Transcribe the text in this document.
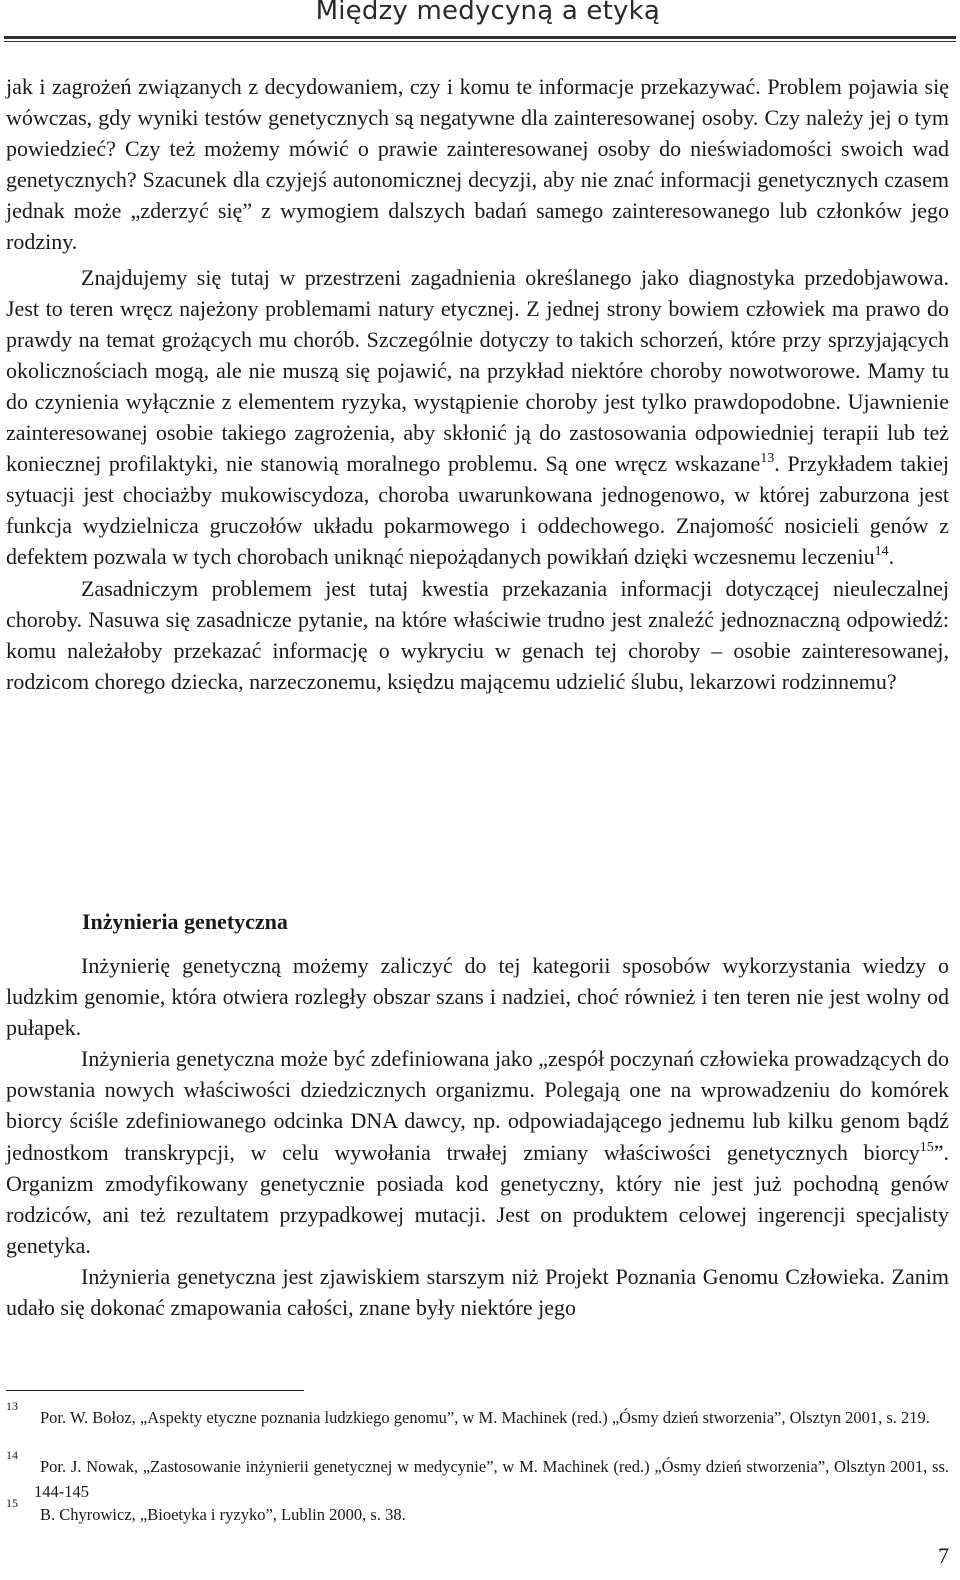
Między medycyną a etyką

jak i zagrożeń związanych z decydowaniem, czy i komu te informacje przekazywać. Problem pojawia się wówczas, gdy wyniki testów genetycznych są negatywne dla zainteresowanej osoby. Czy należy jej o tym powiedzieć? Czy też możemy mówić o prawie zainteresowanej osoby do nieświadomości swoich wad genetycznych? Szacunek dla czyjejś autonomicznej decyzji, aby nie znać informacji genetycznych czasem jednak może „zderzyć się” z wymogiem dalszych badań samego zainteresowanego lub członków jego rodziny.

Znajdujemy się tutaj w przestrzeni zagadnienia określanego jako diagnostyka przedobjawowa. Jest to teren wręcz najeżony problemami natury etycznej. Z jednej strony bowiem człowiek ma prawo do prawdy na temat grożących mu chorób. Szczególnie dotyczy to takich schorzeń, które przy sprzyjających okolicznościach mogą, ale nie muszą się pojawić, na przykład niektóre choroby nowotworowe. Mamy tu do czynienia wyłącznie z elementem ryzyka, wystąpienie choroby jest tylko prawdopodobne. Ujawnienie zainteresowanej osobie takiego zagrożenia, aby skłonić ją do zastosowania odpowiedniej terapii lub też koniecznej profilaktyki, nie stanowią moralnego problemu. Są one wręcz wskazane$^{13}$. Przykładem takiej sytuacji jest chociażby mukowiscydoza, choroba uwarunkowana jednogenowo, w której zaburzona jest funkcja wydzielnicza gruczołów układu pokarmowego i oddechowego. Znajomość nosicieli genów z defektem pozwala w tych chorobach uniknąć niepożądanych powikłań dzięki wczesnemu leczeniu$^{14}$.

Zasadniczym problemem jest tutaj kwestia przekazania informacji dotyczącej nieuleczalnej choroby. Nasuwa się zasadnicze pytanie, na które właściwie trudno jest znaleźć jednoznaczną odpowiedź: komu należałoby przekazać informację o wykryciu w genach tej choroby – osobie zainteresowanej, rodzicom chorego dziecka, narzeczonemu, księdzu mającemu udzielić ślubu, lekarzowi rodzinnemu?

Inżynieria genetyczna

Inżynierię genetyczną możemy zaliczyć do tej kategorii sposobów wykorzystania wiedzy o ludzkim genomie, która otwiera rozległy obszar szans i nadziei, choć również i ten teren nie jest wolny od pułapek.

Inżynieria genetyczna może być zdefiniowana jako „zespół poczynań człowieka prowadzących do powstania nowych właściwości dziedzicznych organizmu. Polegają one na wprowadzeniu do komórek biorcy ściśle zdefiniowanego odcinka DNA dawcy, np. odpowiadającego jednemu lub kilku genom bądź jednostkom transkrypcji, w celu wywołania trwałej zmiany właściwości genetycznych biorcy$^{15}$”. Organizm zmodyfikowany genetycznie posiada kod genetyczny, który nie jest już pochodną genów rodziców, ani też rezultatem przypadkowej mutacji. Jest on produktem celowej ingerencji specjalisty genetyka.

Inżynieria genetyczna jest zjawiskiem starszym niż Projekt Poznania Genomu Człowieka. Zanim udało się dokonać zmapowania całości, znane były niektóre jego

13
Por. W. Bołoz, „Aspekty etyczne poznania ludzkiego genomu”, w M. Machinek (red.) „Ósmy dzień stworzenia”, Olsztyn 2001, s. 219.
14
Por. J. Nowak, „Zastosowanie inżynierii genetycznej w medycynie”, w M. Machinek (red.) „Ósmy dzień stworzenia”, Olsztyn 2001, ss. 144-145
15
B. Chyrowicz, „Bioetyka i ryzyko”, Lublin 2000, s. 38.
7
